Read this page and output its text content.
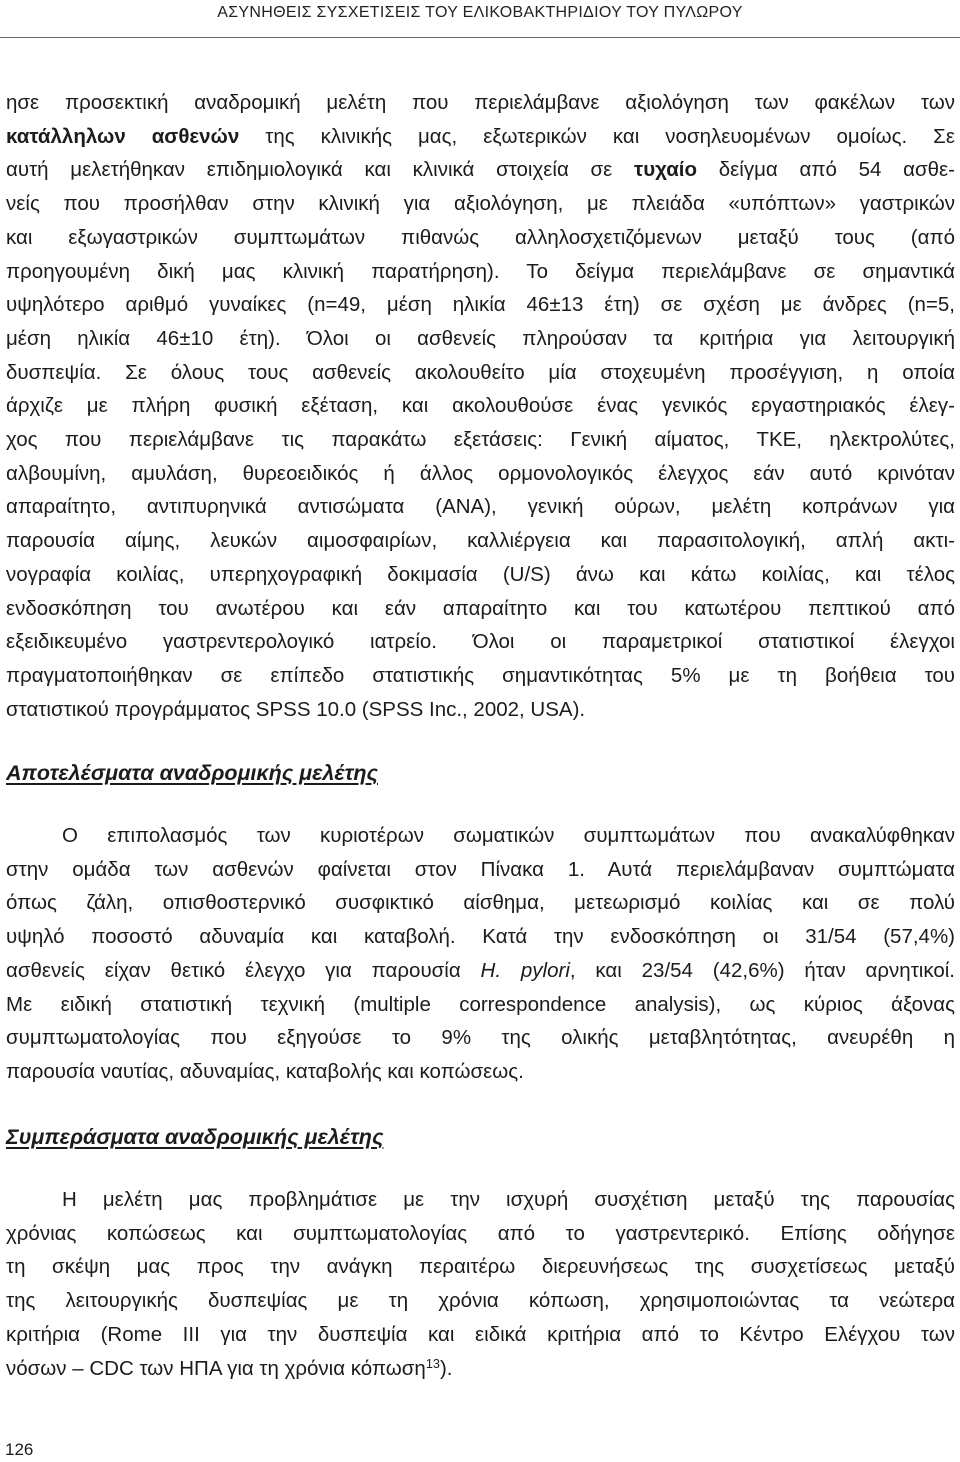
ΑΣΥΝΗΘΕΙΣ ΣΥΣΧΕΤΙΣΕΙΣ ΤΟΥ ΕΛΙΚΟΒΑΚΤΗΡΙΔΙΟΥ ΤΟΥ ΠΥΛΩΡΟΥ
ησε προσεκτική αναδρομική μελέτη που περιελάμβανε αξιολόγηση των φακέλων των
κατάλληλων ασθενών της κλινικής μας, εξωτερικών και νοσηλευομένων ομοίως. Σε
αυτή μελετήθηκαν επιδημιολογικά και κλινικά στοιχεία σε τυχαίο δείγμα από 54 ασθε-
νείς που προσήλθαν στην κλινική για αξιολόγηση, με πλειάδα «υπόπτων» γαστρικών
και εξωγαστρικών συμπτωμάτων πιθανώς αλληλοσχετιζόμενων μεταξύ τους (από
προηγουμένη δική μας κλινική παρατήρηση). Το δείγμα περιελάμβανε σε σημαντικά
υψηλότερο αριθμό γυναίκες (n=49, μέση ηλικία 46±13 έτη) σε σχέση με άνδρες (n=5,
μέση ηλικία 46±10 έτη). Όλοι οι ασθενείς πληρούσαν τα κριτήρια για λειτουργική
δυσπεψία. Σε όλους τους ασθενείς ακολουθείτο μία στοχευμένη προσέγγιση, η οποία
άρχιζε με πλήρη φυσική εξέταση, και ακολουθούσε ένας γενικός εργαστηριακός έλεγ-
χος που περιελάμβανε τις παρακάτω εξετάσεις: Γενική αίματος, ΤΚΕ, ηλεκτρολύτες,
αλβουμίνη, αμυλάση, θυρεοειδικός ή άλλος ορμονολογικός έλεγχος εάν αυτό κρινόταν
απαραίτητο, αντιπυρηνικά αντισώματα (ΑΝΑ), γενική ούρων, μελέτη κοπράνων για
παρουσία αίμης, λευκών αιμοσφαιρίων, καλλιέργεια και παρασιτολογική, απλή ακτι-
νογραφία κοιλίας, υπερηχογραφική δοκιμασία (U/S) άνω και κάτω κοιλίας, και τέλος
ενδοσκόπηση του ανωτέρου και εάν απαραίτητο και του κατωτέρου πεπτικού από
εξειδικευμένο γαστρεντερολογικό ιατρείο. Όλοι οι παραμετρικοί στατιστικοί έλεγχοι
πραγματοποιήθηκαν σε επίπεδο στατιστικής σημαντικότητας 5% με τη βοήθεια του
στατιστικού προγράμματος SPSS 10.0 (SPSS Inc., 2002, USA).
Αποτελέσματα αναδρομικής μελέτης
Ο επιπολασμός των κυριοτέρων σωματικών συμπτωμάτων που ανακαλύφθηκαν
στην ομάδα των ασθενών φαίνεται στον Πίνακα 1. Αυτά περιελάμβαναν συμπτώματα
όπως ζάλη, οπισθοστερνικό συσφικτικό αίσθημα, μετεωρισμό κοιλίας και σε πολύ
υψηλό ποσοστό αδυναμία και καταβολή. Κατά την ενδοσκόπηση οι 31/54 (57,4%)
ασθενείς είχαν θετικό έλεγχο για παρουσία H. pylori, και 23/54 (42,6%) ήταν αρνητικοί.
Με ειδική στατιστική τεχνική (multiple correspondence analysis), ως κύριος άξονας
συμπτωματολογίας που εξηγούσε το 9% της ολικής μεταβλητότητας, ανευρέθη η
παρουσία ναυτίας, αδυναμίας, καταβολής και κοπώσεως.
Συμπεράσματα αναδρομικής μελέτης
Η μελέτη μας προβλημάτισε με την ισχυρή συσχέτιση μεταξύ της παρουσίας
χρόνιας κοπώσεως και συμπτωματολογίας από το γαστρεντερικό. Επίσης οδήγησε
τη σκέψη μας προς την ανάγκη περαιτέρω διερευνήσεως της συσχετίσεως μεταξύ
της λειτουργικής δυσπεψίας με τη χρόνια κόπωση, χρησιμοποιώντας τα νεώτερα
κριτήρια (Rome III για την δυσπεψία και ειδικά κριτήρια από το Κέντρο Ελέγχου των
νόσων – CDC των ΗΠΑ για τη χρόνια κόπωση$^{13}$).
126
